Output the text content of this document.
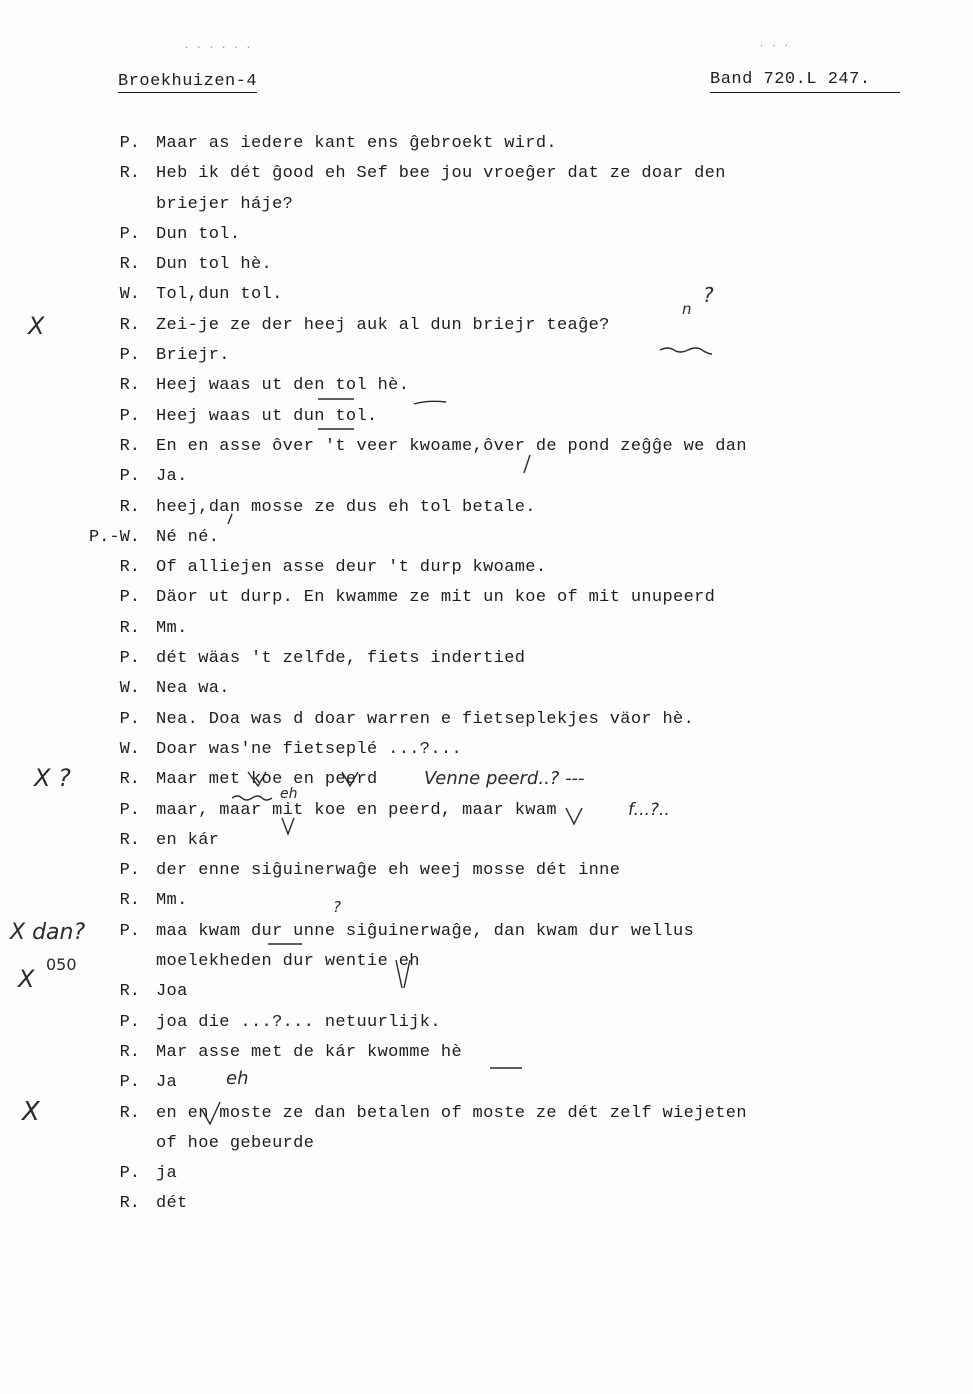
. . . . . .	. . .
Broekhuizen-4	Band 720.L 247.
P. Maar as iedere kant ens ĝebroekt wird.
R. Heb ik dét ĝood eh Sef bee jou vroeĝer dat ze doar den
briejer háje?
P. Dun tol.
R. Dun tol hè.
W. Tol,dun tol.
R. Zei-je ze der heej auk al dun briejr teaĝe?
P. Briejr.
R. Heej waas ut den tol hè.
P. Heej waas ut dun tol.
R. En en asse ôver 't veer kwoame,ôver de pond zeĝĝe we dan
P. Ja.
R. heej,dan mosse ze dus eh tol betale.
P.-W. Né né.
R. Of alliejen asse deur 't durp kwoame.
P. Däor ut durp. En kwamme ze mit un koe of mit unupeerd
R. Mm.
P. dét wäas 't zelfde, fiets indertied
W. Nea wa.
P. Nea. Doa was d doar warren e fietseplekjes väor hè.
W. Doar was'ne fietseplé ...?...
R. Maar met koe en peerd
P. maar, maar mit koe en peerd, maar kwam
R. en kár
P. der enne siĝuinerwaĝe eh weej mosse dét inne
R. Mm.
P. maa kwam dur unne siĝuinerwaĝe, dan kwam dur wellus
moelekheden dur wentie eh
R. Joa
P. joa die ...?... netuurlijk.
R. Mar asse met de kár kwomme hè
P. Ja
R. en en moste ze dan betalen of moste ze dét zelf wiejeten
of hoe gebeurde
P. ja
R. dét
X
X ?
X dan?
050
X
X
?
n
Venne peerd..? ---
f...?..
eh
?
eh
